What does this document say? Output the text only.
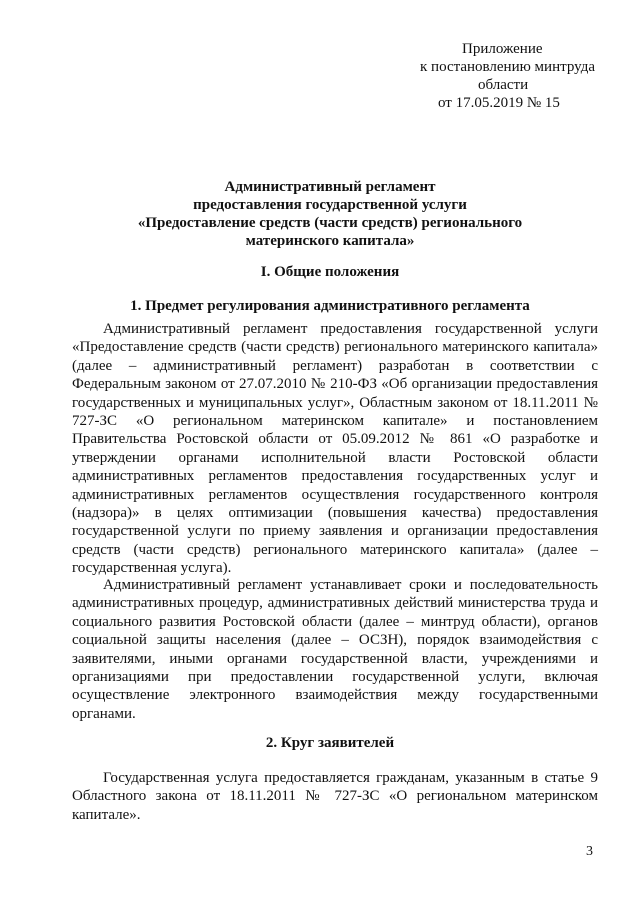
Приложение
к постановлению минтруда
области
от 17.05.2019 № 15
Административный регламент
предоставления государственной услуги
«Предоставление средств (части средств) регионального
материнского капитала»
I. Общие положения
1. Предмет регулирования административного регламента

Административный регламент предоставления государственной услуги «Предоставление средств (части средств) регионального материнского капитала» (далее – административный регламент) разработан в соответствии с Федеральным законом от 27.07.2010 № 210-ФЗ «Об организации предоставления государственных и муниципальных услуг», Областным законом от 18.11.2011 № 727-ЗС «О региональном материнском капитале» и постановлением Правительства Ростовской области от 05.09.2012 № 861 «О разработке и утверждении органами исполнительной власти Ростовской области административных регламентов предоставления государственных услуг и административных регламентов осуществления государственного контроля (надзора)» в целях оптимизации (повышения качества) предоставления государственной услуги по приему заявления и организации предоставления средств (части средств) регионального материнского капитала» (далее – государственная услуга).

Административный регламент устанавливает сроки и последовательность административных процедур, административных действий министерства труда и социального развития Ростовской области (далее – минтруд области), органов социальной защиты населения (далее – ОСЗН), порядок взаимодействия с заявителями, иными органами государственной власти, учреждениями и организациями при предоставлении государственной услуги, включая осуществление электронного взаимодействия между государственными органами.

2. Круг заявителей

Государственная услуга предоставляется гражданам, указанным в статье 9 Областного закона от 18.11.2011 № 727-ЗС «О региональном материнском капитале».

3
